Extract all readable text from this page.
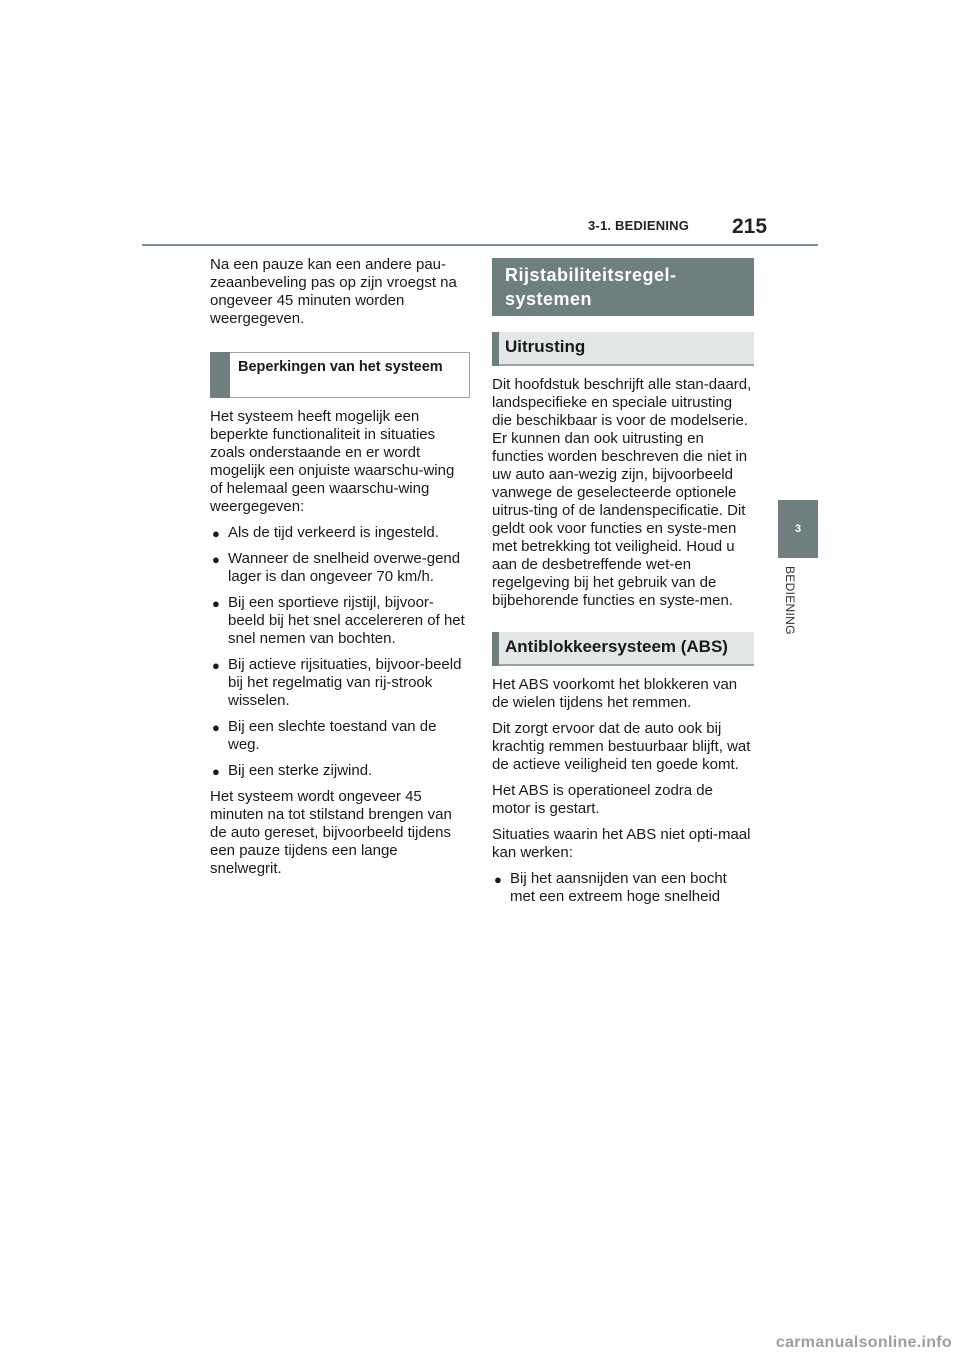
3-1. BEDIENING 215
3
BEDIENING

Na een pauze kan een andere pau-zeaanbeveling pas op zijn vroegst na ongeveer 45 minuten worden weergegeven.

Beperkingen van het systeem

Het systeem heeft mogelijk een beperkte functionaliteit in situaties zoals onderstaande en er wordt mogelijk een onjuiste waarschu-wing of helemaal geen waarschu-wing weergegeven:

● Als de tijd verkeerd is ingesteld.
● Wanneer de snelheid overwe-gend lager is dan ongeveer 70 km/h.
● Bij een sportieve rijstijl, bijvoor-beeld bij het snel accelereren of het snel nemen van bochten.
● Bij actieve rijsituaties, bijvoor-beeld bij het regelmatig van rij-strook wisselen.
● Bij een slechte toestand van de weg.
● Bij een sterke zijwind.

Het systeem wordt ongeveer 45 minuten na tot stilstand brengen van de auto gereset, bijvoorbeeld tijdens een pauze tijdens een lange snelwegrit.

Rijstabiliteitsregel-systemen
Uitrusting

Dit hoofdstuk beschrijft alle stan-daard, landspecifieke en speciale uitrusting die beschikbaar is voor de modelserie. Er kunnen dan ook uitrusting en functies worden beschreven die niet in uw auto aan-wezig zijn, bijvoorbeeld vanwege de geselecteerde optionele uitrus-ting of de landenspecificatie. Dit geldt ook voor functies en syste-men met betrekking tot veiligheid. Houd u aan de desbetreffende wet-en regelgeving bij het gebruik van de bijbehorende functies en syste-men.

Antiblokkeersysteem (ABS)

Het ABS voorkomt het blokkeren van de wielen tijdens het remmen.

Dit zorgt ervoor dat de auto ook bij krachtig remmen bestuurbaar blijft, wat de actieve veiligheid ten goede komt.

Het ABS is operationeel zodra de motor is gestart.

Situaties waarin het ABS niet opti-maal kan werken:

● Bij het aansnijden van een bocht met een extreem hoge snelheid
carmanualsonline.info
